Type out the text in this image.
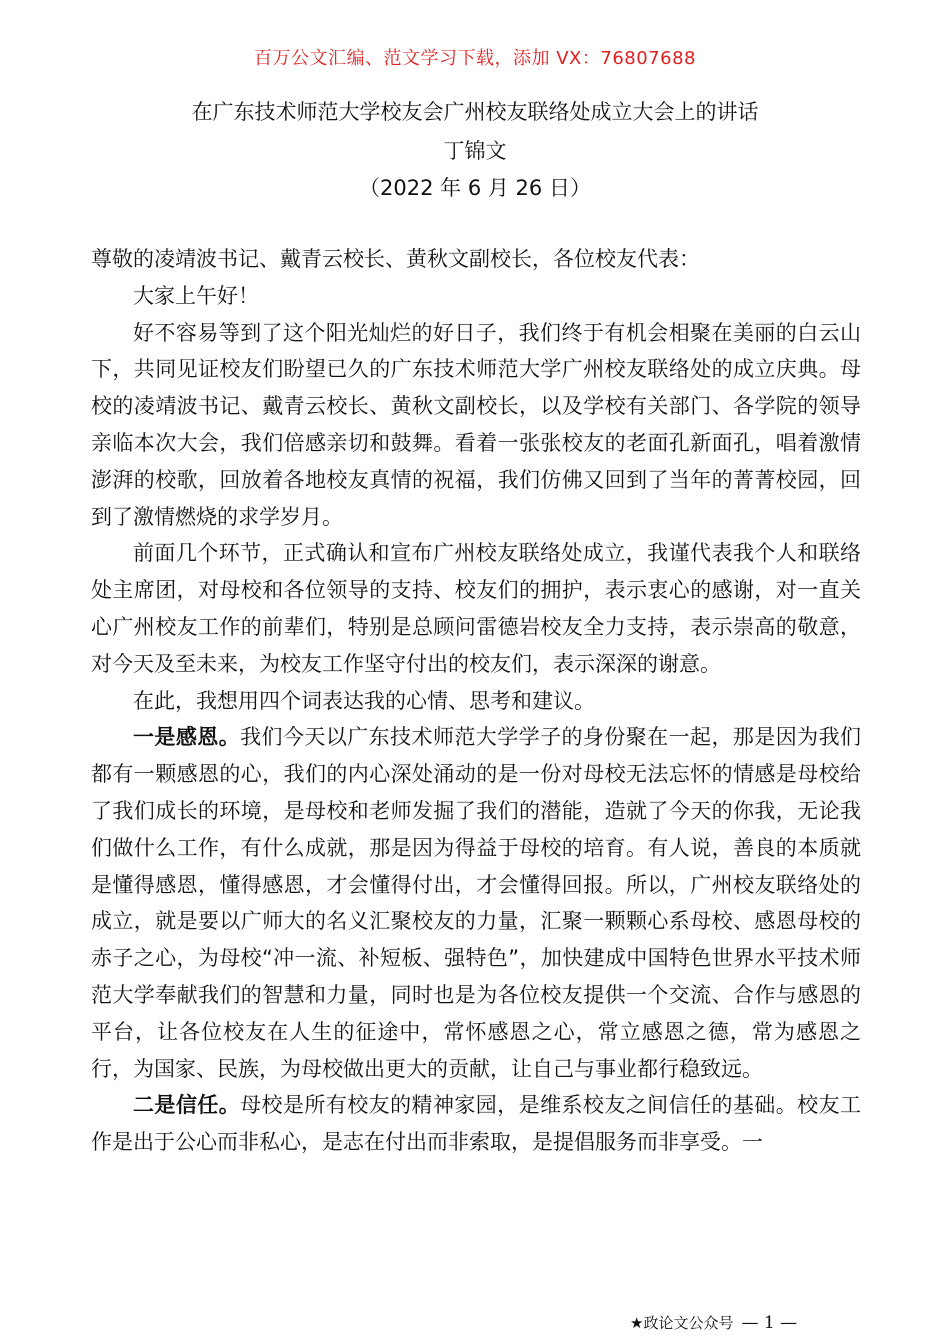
百万公文汇编、范文学习下载，添加 VX：76807688
在广东技术师范大学校友会广州校友联络处成立大会上的讲话
丁锦文
（2022 年 6 月 26 日）

尊敬的凌靖波书记、戴青云校长、黄秋文副校长，各位校友代表：

大家上午好！

好不容易等到了这个阳光灿烂的好日子，我们终于有机会相聚在美丽的白云山下，共同见证校友们盼望已久的广东技术师范大学广州校友联络处的成立庆典。母校的凌靖波书记、戴青云校长、黄秋文副校长，以及学校有关部门、各学院的领导亲临本次大会，我们倍感亲切和鼓舞。看着一张张校友的老面孔新面孔，唱着激情澎湃的校歌，回放着各地校友真情的祝福，我们仿佛又回到了当年的菁菁校园，回到了激情燃烧的求学岁月。

前面几个环节，正式确认和宣布广州校友联络处成立，我谨代表我个人和联络处主席团，对母校和各位领导的支持、校友们的拥护，表示衷心的感谢，对一直关心广州校友工作的前辈们，特别是总顾问雷德岩校友全力支持，表示崇高的敬意，对今天及至未来，为校友工作坚守付出的校友们，表示深深的谢意。

在此，我想用四个词表达我的心情、思考和建议。

一是感恩。我们今天以广东技术师范大学学子的身份聚在一起，那是因为我们都有一颗感恩的心，我们的内心深处涌动的是一份对母校无法忘怀的情感是母校给了我们成长的环境，是母校和老师发掘了我们的潜能，造就了今天的你我，无论我们做什么工作，有什么成就，那是因为得益于母校的培育。有人说，善良的本质就是懂得感恩，懂得感恩，才会懂得付出，才会懂得回报。所以，广州校友联络处的成立，就是要以广师大的名义汇聚校友的力量，汇聚一颗颗心系母校、感恩母校的赤子之心，为母校“冲一流、补短板、强特色”，加快建成中国特色世界水平技术师范大学奉献我们的智慧和力量，同时也是为各位校友提供一个交流、合作与感恩的平台，让各位校友在人生的征途中，常怀感恩之心，常立感恩之德，常为感恩之行，为国家、民族，为母校做出更大的贡献，让自己与事业都行稳致远。

二是信任。母校是所有校友的精神家园，是维系校友之间信任的基础。校友工作是出于公心而非私心，是志在付出而非索取，是提倡服务而非享受。一

★政论文公众号 — 1 —
